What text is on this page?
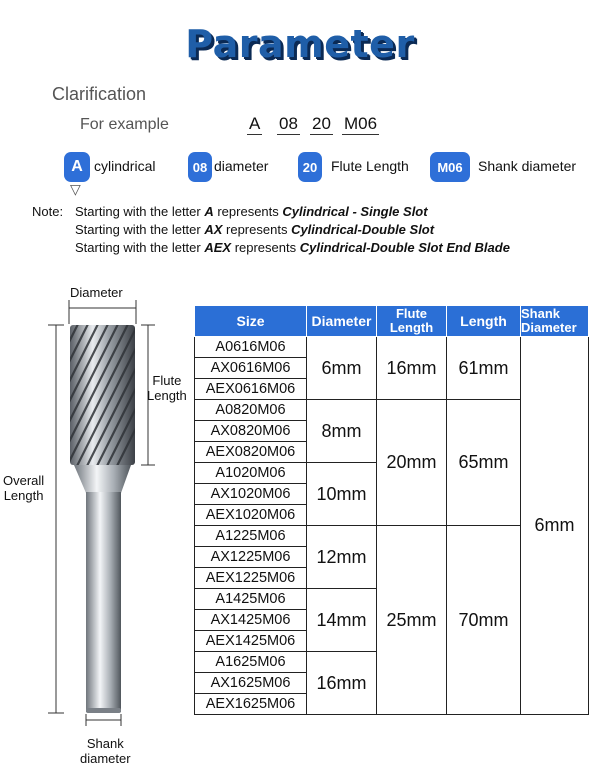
Parameter
Clarification
For example	A 08 20 M06
A cylindrical
▽
08 diameter	20 Flute Length	M06	Shank diameter
Note: Starting with the letter A represents Cylindrical - Single Slot
Starting with the letter AX represents Cylindrical-Double Slot
Starting with the letter AEX represents Cylindrical-Double Slot End Blade
Diameter
Flute
Length
Overall
Length
Shank
diameter
Size	Diameter	Flute Length	Length	Shank Diameter
A0616M06	6mm	16mm	61mm	6mm
AX0616M06				
AEX0616M06				
A0820M06	8mm	20mm	65mm	
AX0820M06				
AEX0820M06				
A1020M06	10mm			
AX1020M06				
AEX1020M06				
A1225M06	12mm	25mm	70mm	
AX1225M06				
AEX1225M06				
A1425M06	14mm			
AX1425M06				
AEX1425M06				
A1625M06	16mm			
AX1625M06				
AEX1625M06				
